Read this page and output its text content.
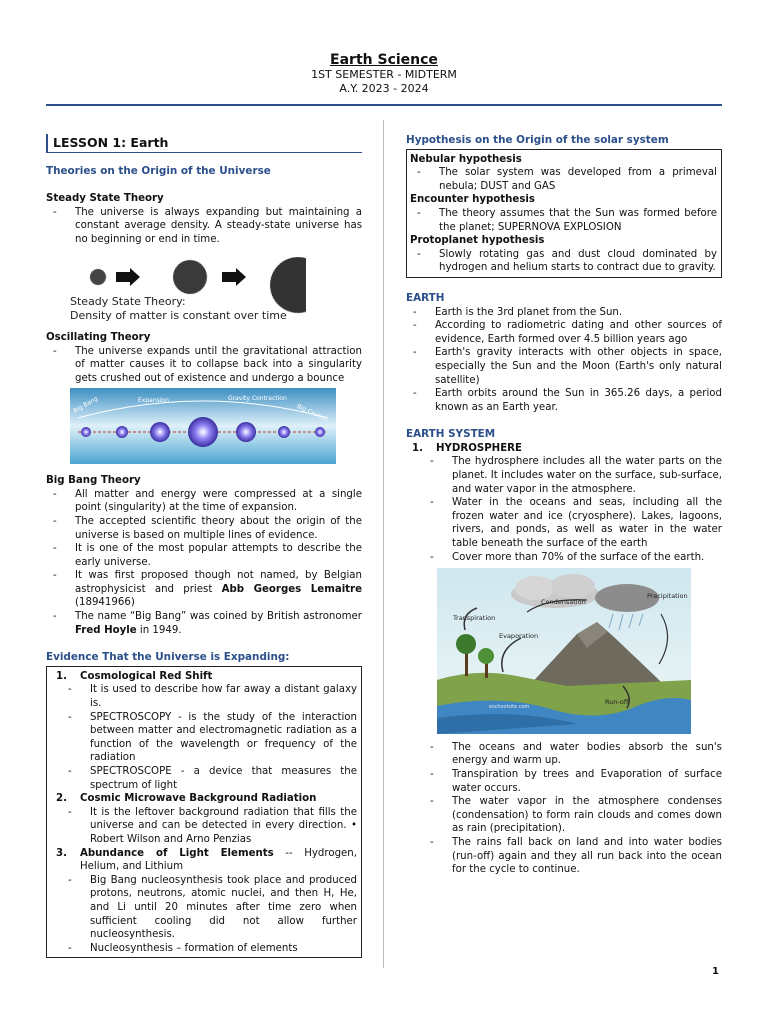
Earth Science
1ST SEMESTER - MIDTERM
A.Y. 2023 - 2024
LESSON 1: Earth
Theories on the Origin of the Universe
Steady State Theory
- The universe is always expanding but maintaining a constant average density. A steady-state universe has no beginning or end in time.
Steady State Theory:
Density of matter is constant over time
Oscillating Theory
- The universe expands until the gravitational attraction of matter causes it to collapse back into a singularity gets crushed out of existence and undergo a bounce
Big Bang	Expansion	Gravity Contraction
Big Crunch
Big Bang Theory
- All matter and energy were compressed at a single point (singularity) at the time of expansion.
- The accepted scientific theory about the origin of the universe is based on multiple lines of evidence.
- It is one of the most popular attempts to describe the early universe.
- It was first proposed though not named, by Belgian astrophysicist and priest Abb Georges Lemaitre (18941966)
- The name “Big Bang” was coined by British astronomer Fred Hoyle in 1949.
Evidence That the Universe is Expanding:
1.	Cosmological Red Shift
- It is used to describe how far away a distant galaxy is.
- SPECTROSCOPY - is the study of the interaction between matter and electromagnetic radiation as a function of the wavelength or frequency of the radiation
- SPECTROSCOPE - a device that measures the spectrum of light
2.	Cosmic Microwave Background Radiation
- It is the leftover background radiation that fills the universe and can be detected in every direction. • Robert Wilson and Arno Penzias
3.	Abundance of Light Elements -- Hydrogen, Helium, and Lithium
- Big Bang nucleosynthesis took place and produced protons, neutrons, atomic nuclei, and then H, He, and Li until 20 minutes after time zero when sufficient cooling did not allow further nucleosynthesis.
- Nucleosynthesis – formation of elements
Hypothesis on the Origin of the solar system
Nebular hypothesis
- The solar system was developed from a primeval nebula; DUST and GAS
Encounter hypothesis
- The theory assumes that the Sun was formed before the planet; SUPERNOVA EXPLOSION
Protoplanet hypothesis
- Slowly rotating gas and dust cloud dominated by hydrogen and helium starts to contract due to gravity.
EARTH
- Earth is the 3rd planet from the Sun.
- According to radiometric dating and other sources of evidence, Earth formed over 4.5 billion years ago
- Earth's gravity interacts with other objects in space, especially the Sun and the Moon (Earth's only natural satellite)
- Earth orbits around the Sun in 365.26 days, a period known as an Earth year.
EARTH SYSTEM
1.	HYDROSPHERE
- The hydrosphere includes all the water parts on the planet. It includes water on the surface, sub-surface, and water vapor in the atmosphere.
- Water in the oceans and seas, including all the frozen water and ice (cryosphere). Lakes, lagoons, rivers, and ponds, as well as water in the water table beneath the surface of the earth
- Cover more than 70% of the surface of the earth.
Condensation
Precipitation
Transpiration
Evaporation
Run-off
eschoolsite.com
- The oceans and water bodies absorb the sun's energy and warm up.
- Transpiration by trees and Evaporation of surface water occurs.
- The water vapor in the atmosphere condenses (condensation) to form rain clouds and comes down as rain (precipitation).
- The rains fall back on land and into water bodies (run-off) again and they all run back into the ocean for the cycle to continue.
1
